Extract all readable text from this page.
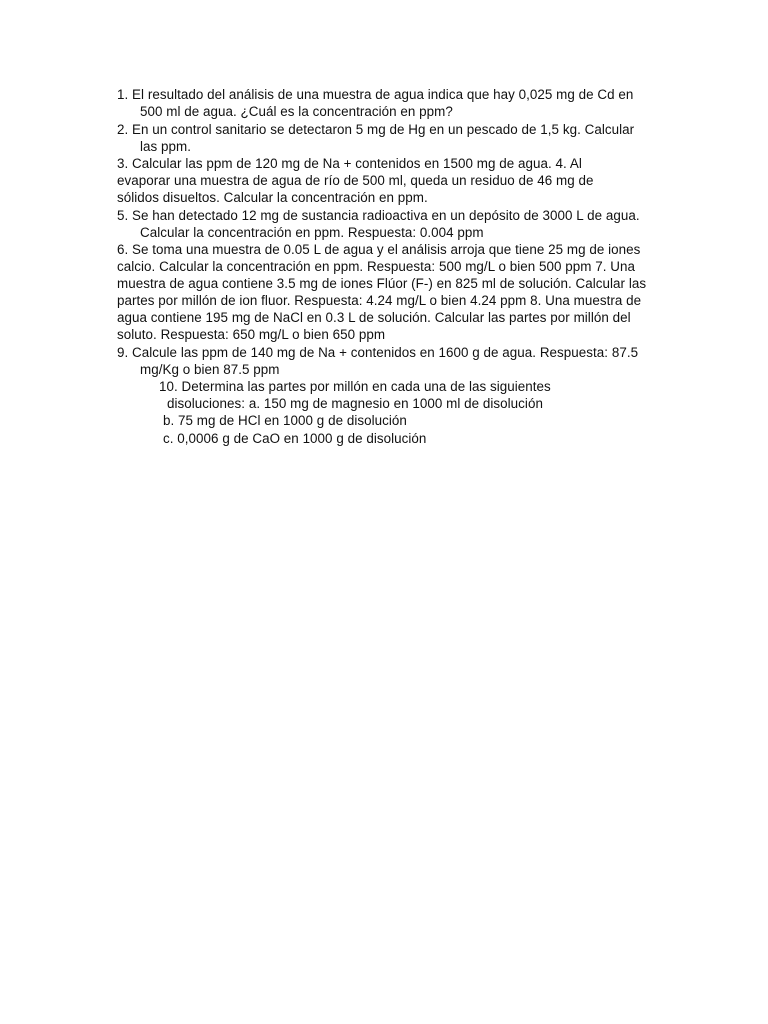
1. El resultado del análisis de una muestra de agua indica que hay 0,025 mg de Cd en
500 ml de agua. ¿Cuál es la concentración en ppm?
2. En un control sanitario se detectaron 5 mg de Hg en un pescado de 1,5 kg. Calcular
las ppm.
3. Calcular las ppm de 120 mg de Na + contenidos en 1500 mg de agua. 4. Al
evaporar una muestra de agua de río de 500 ml, queda un residuo de 46 mg de
sólidos disueltos. Calcular la concentración en ppm.
5. Se han detectado 12 mg de sustancia radioactiva en un depósito de 3000 L de agua.
Calcular la concentración en ppm. Respuesta: 0.004 ppm
6. Se toma una muestra de 0.05 L de agua y el análisis arroja que tiene 25 mg de iones
calcio. Calcular la concentración en ppm. Respuesta: 500 mg/L o bien 500 ppm 7. Una
muestra de agua contiene 3.5 mg de iones Flúor (F-) en 825 ml de solución. Calcular las
partes por millón de ion fluor. Respuesta: 4.24 mg/L o bien 4.24 ppm 8. Una muestra de
agua contiene 195 mg de NaCl en 0.3 L de solución. Calcular las partes por millón del
soluto. Respuesta: 650 mg/L o bien 650 ppm
9. Calcule las ppm de 140 mg de Na + contenidos en 1600 g de agua. Respuesta: 87.5
mg/Kg o bien 87.5 ppm
10. Determina las partes por millón en cada una de las siguientes
disoluciones: a. 150 mg de magnesio en 1000 ml de disolución
b. 75 mg de HCl en 1000 g de disolución
c. 0,0006 g de CaO en 1000 g de disolución
